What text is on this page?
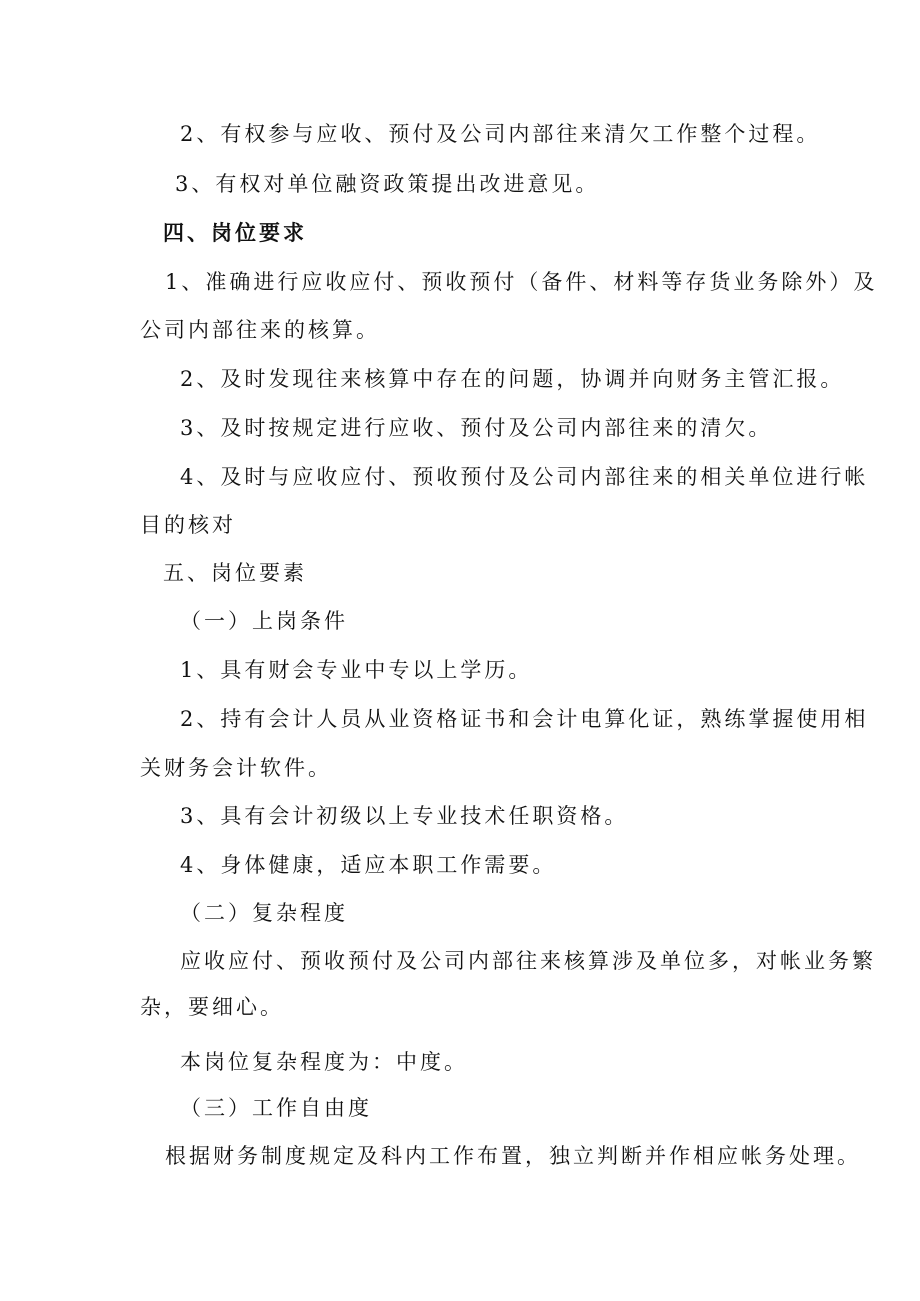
2、有权参与应收、预付及公司内部往来清欠工作整个过程。
3、有权对单位融资政策提出改进意见。
四、岗位要求
1、准确进行应收应付、预收预付（备件、材料等存货业务除外）及
公司内部往来的核算。
2、及时发现往来核算中存在的问题，协调并向财务主管汇报。
3、及时按规定进行应收、预付及公司内部往来的清欠。
4、及时与应收应付、预收预付及公司内部往来的相关单位进行帐
目的核对
五、岗位要素
（一）上岗条件
1、具有财会专业中专以上学历。
2、持有会计人员从业资格证书和会计电算化证，熟练掌握使用相
关财务会计软件。
3、具有会计初级以上专业技术任职资格。
4、身体健康，适应本职工作需要。
（二）复杂程度
应收应付、预收预付及公司内部往来核算涉及单位多，对帐业务繁
杂，要细心。
本岗位复杂程度为：中度。
（三）工作自由度
根据财务制度规定及科内工作布置，独立判断并作相应帐务处理。
